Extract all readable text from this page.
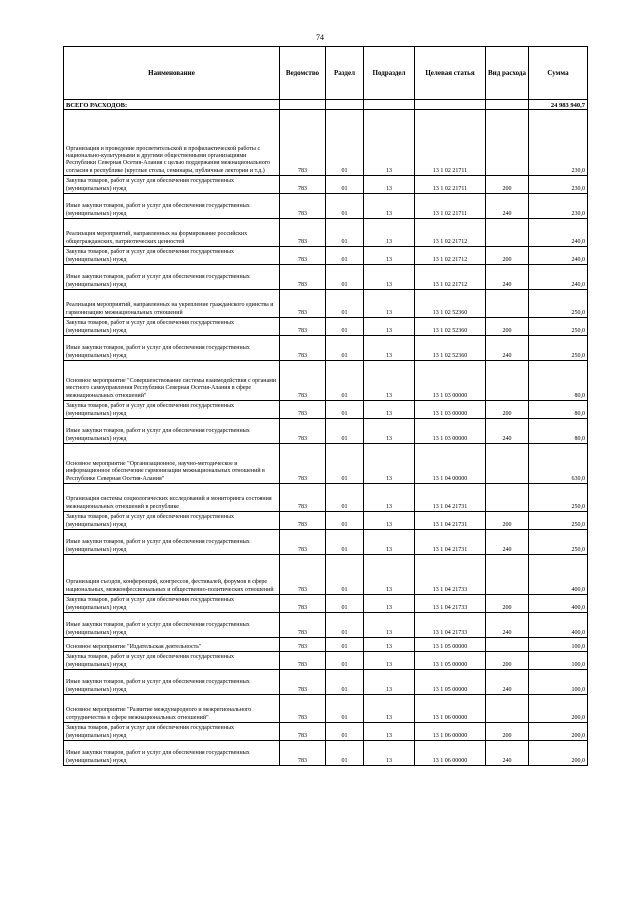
74
Наименование	Ведомство	Раздел	Подраздел	Целевая статья	Вид расхода	Сумма
ВСЕГО РАСХОДОВ:						24 983 940,7
Организация и проведение просветительской и профилактической работы с национально-культурными и другими общественными организациями Республики Северная Осетия-Алания с целью поддержания межнационального согласия в республике (круглые столы, семинары, публичные лектории и т.д.)	783	01	13	13 1 02 21711		230,0
Закупка товаров, работ и услуг для обеспечения государственных (муниципальных) нужд	783	01	13	13 1 02 21711	200	230,0
Иные закупки товаров, работ и услуг для обеспечения государственных (муниципальных) нужд	783	01	13	13 1 02 21711	240	230,0
Реализация мероприятий, направленных на формирование российских общегражданских, патриотических ценностей	783	01	13	13 1 02 21712		240,0
Закупка товаров, работ и услуг для обеспечения государственных (муниципальных) нужд	783	01	13	13 1 02 21712	200	240,0
Иные закупки товаров, работ и услуг для обеспечения государственных (муниципальных) нужд	783	01	13	13 1 02 21712	240	240,0
Реализация мероприятий, направленных на укрепление гражданского единства и гармонизацию межнациональных отношений	783	01	13	13 1 02 52360		250,0
Закупка товаров, работ и услуг для обеспечения государственных (муниципальных) нужд	783	01	13	13 1 02 52360	200	250,0
Иные закупки товаров, работ и услуг для обеспечения государственных (муниципальных) нужд	783	01	13	13 1 02 52360	240	250,0
Основное мероприятие "Совершенствование системы взаимодействия с органами местного самоуправления Республики Северная Осетия-Алания в сфере межнациональных отношений"	783	01	13	13 1 03 00000		80,0
Закупка товаров, работ и услуг для обеспечения государственных (муниципальных) нужд	783	01	13	13 1 03 00000	200	80,0
Иные закупки товаров, работ и услуг для обеспечения государственных (муниципальных) нужд	783	01	13	13 1 03 00000	240	80,0
Основное мероприятие "Организационное, научно-методическое и информационное обеспечение гармонизации межнациональных отношений в Республике Северная Осетия-Алания"	783	01	13	13 1 04 00000		630,0
Организация системы социологических исследований и мониторинга состояния межнациональных отношений в республике	783	01	13	13 1 04 21731		250,0
Закупка товаров, работ и услуг для обеспечения государственных (муниципальных) нужд	783	01	13	13 1 04 21731	200	250,0
Иные закупки товаров, работ и услуг для обеспечения государственных (муниципальных) нужд	783	01	13	13 1 04 21731	240	250,0
Организация съездов, конференций, конгрессов, фестивалей, форумов в сфере национальных, межконфессиональных и общественно-политических отношений	783	01	13	13 1 04 21733		400,0
Закупка товаров, работ и услуг для обеспечения государственных (муниципальных) нужд	783	01	13	13 1 04 21733	200	400,0
Иные закупки товаров, работ и услуг для обеспечения государственных (муниципальных) нужд	783	01	13	13 1 04 21733	240	400,0
Основное мероприятие "Издательская деятельность"	783	01	13	13 1 05 00000		100,0
Закупка товаров, работ и услуг для обеспечения государственных (муниципальных) нужд	783	01	13	13 1 05 00000	200	100,0
Иные закупки товаров, работ и услуг для обеспечения государственных (муниципальных) нужд	783	01	13	13 1 05 00000	240	100,0
Основное мероприятие "Развитие международного и межрегионального сотрудничества в сфере межнациональных отношений"	783	01	13	13 1 06 00000		200,0
Закупка товаров, работ и услуг для обеспечения государственных (муниципальных) нужд	783	01	13	13 1 06 00000	200	200,0
Иные закупки товаров, работ и услуг для обеспечения государственных (муниципальных) нужд	783	01	13	13 1 06 00000	240	200,0
